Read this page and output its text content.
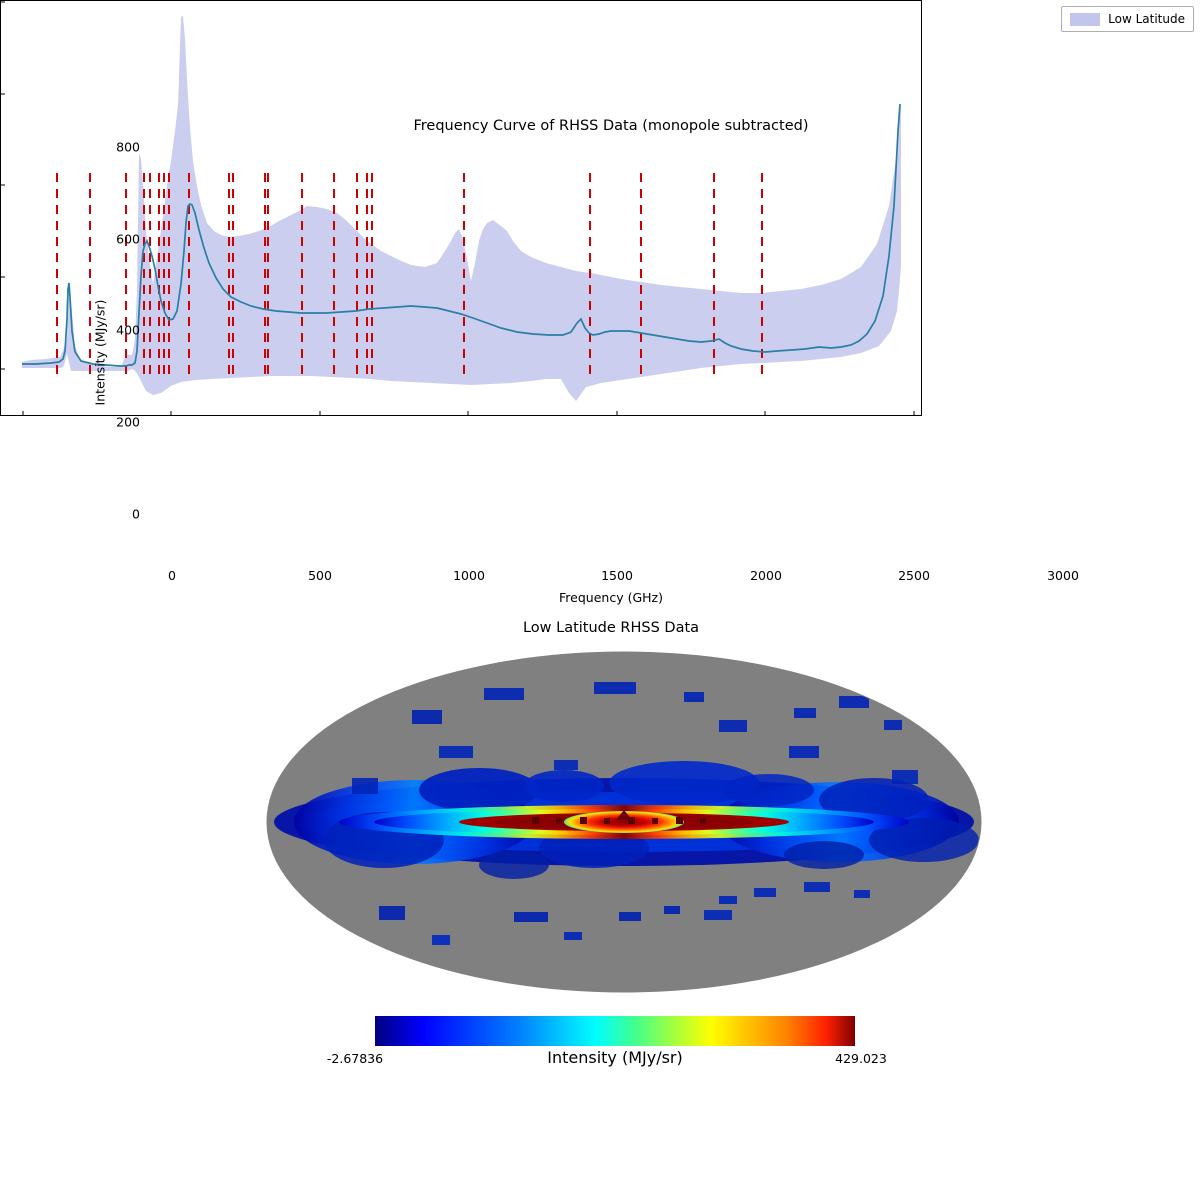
Frequency Curve of RHSS Data (monopole subtracted)
Intensity (MJy/sr)
Frequency (GHz)
0	500	1000	1500	2000	2500	3000
0
200
400
600
800
Low Latitude
Low Latitude RHSS Data
-2.67836	429.023
Intensity (MJy/sr)
